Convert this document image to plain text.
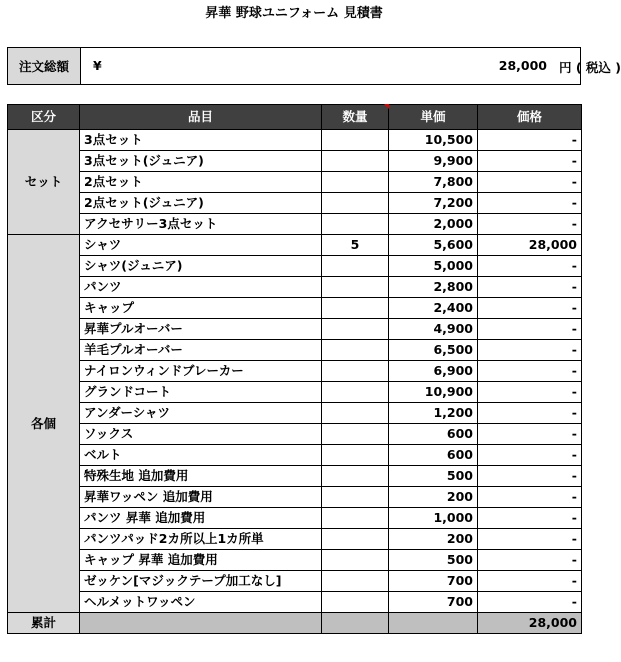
昇華 野球ユニフォーム 見積書
注文総額	¥	28,000 円 ( 税込 )
区分	品目	数量	単価	価格
セット	3点セット		10,500	-
	3点セット(ジュニア)		9,900	-
	2点セット		7,800	-
	2点セット(ジュニア)		7,200	-
	アクセサリー3点セット		2,000	-
各個	シャツ	5	5,600	28,000
	シャツ(ジュニア)		5,000	-
	パンツ		2,800	-
	キャップ		2,400	-
	昇華プルオーバー		4,900	-
	羊毛プルオーバー		6,500	-
	ナイロンウィンドブレーカー		6,900	-
	グランドコート		10,900	-
	アンダーシャツ		1,200	-
	ソックス		600	-
	ベルト		600	-
	特殊生地 追加費用		500	-
	昇華ワッペン 追加費用		200	-
	パンツ 昇華 追加費用		1,000	-
	パンツパッド2カ所以上1カ所単		200	-
	キャップ 昇華 追加費用		500	-
	ゼッケン[マジックテープ加工なし]		700	-
	ヘルメットワッペン		700	-
累計				28,000
